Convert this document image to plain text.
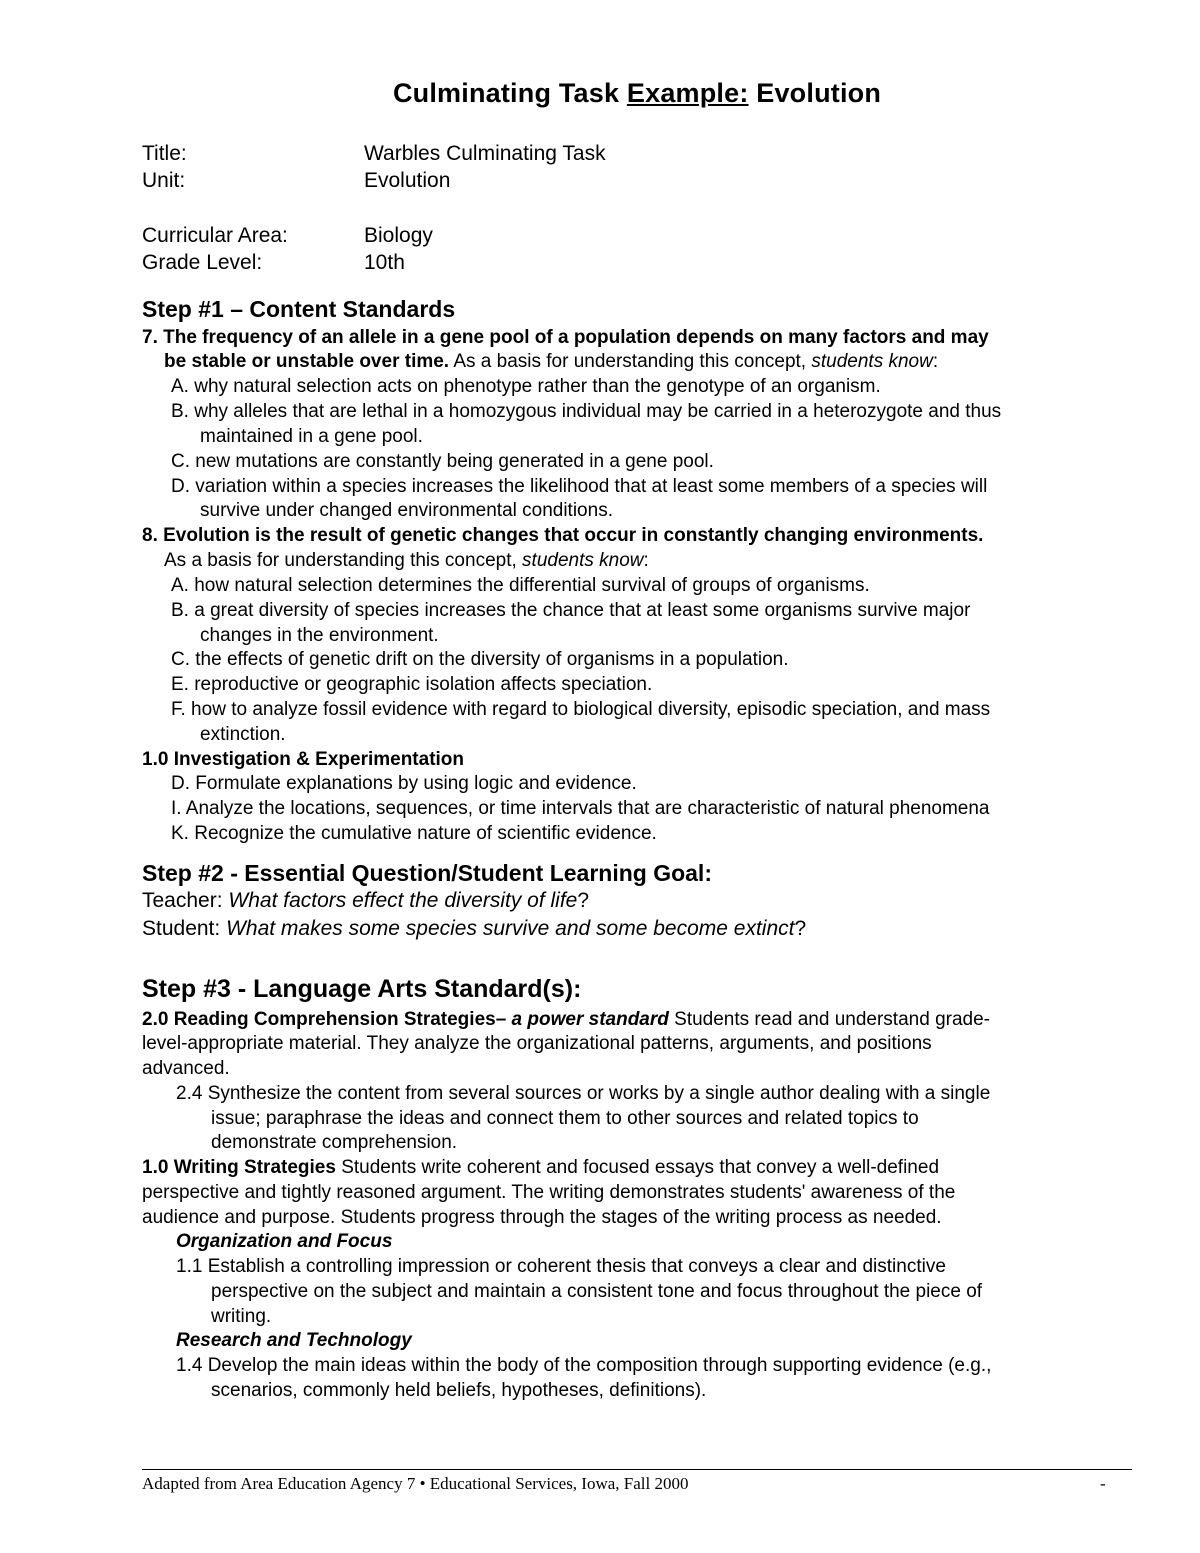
Culminating Task Example: Evolution
Title:	Warbles Culminating Task
Unit:	Evolution
Curricular Area:	Biology
Grade Level:	10th
Step #1 – Content Standards
7. The frequency of an allele in a gene pool of a population depends on many factors and may
be stable or unstable over time. As a basis for understanding this concept, students know:
A. why natural selection acts on phenotype rather than the genotype of an organism.
B. why alleles that are lethal in a homozygous individual may be carried in a heterozygote and thus
maintained in a gene pool.
C. new mutations are constantly being generated in a gene pool.
D. variation within a species increases the likelihood that at least some members of a species will
survive under changed environmental conditions.
8. Evolution is the result of genetic changes that occur in constantly changing environments.
As a basis for understanding this concept, students know:
A. how natural selection determines the differential survival of groups of organisms.
B. a great diversity of species increases the chance that at least some organisms survive major
changes in the environment.
C. the effects of genetic drift on the diversity of organisms in a population.
E. reproductive or geographic isolation affects speciation.
F. how to analyze fossil evidence with regard to biological diversity, episodic speciation, and mass
extinction.
1.0 Investigation & Experimentation
D. Formulate explanations by using logic and evidence.
I. Analyze the locations, sequences, or time intervals that are characteristic of natural phenomena
K. Recognize the cumulative nature of scientific evidence.
Step #2 - Essential Question/Student Learning Goal:
Teacher: What factors effect the diversity of life?
Student: What makes some species survive and some become extinct?
Step #3 - Language Arts Standard(s):
2.0 Reading Comprehension Strategies– a power standard Students read and understand grade-
level-appropriate material. They analyze the organizational patterns, arguments, and positions
advanced.
2.4 Synthesize the content from several sources or works by a single author dealing with a single
issue; paraphrase the ideas and connect them to other sources and related topics to
demonstrate comprehension.
1.0 Writing Strategies Students write coherent and focused essays that convey a well-defined
perspective and tightly reasoned argument. The writing demonstrates students' awareness of the
audience and purpose. Students progress through the stages of the writing process as needed.
Organization and Focus
1.1 Establish a controlling impression or coherent thesis that conveys a clear and distinctive
perspective on the subject and maintain a consistent tone and focus throughout the piece of
writing.
Research and Technology
1.4 Develop the main ideas within the body of the composition through supporting evidence (e.g.,
scenarios, commonly held beliefs, hypotheses, definitions).
Adapted from Area Education Agency 7 • Educational Services, Iowa, Fall 2000	-
